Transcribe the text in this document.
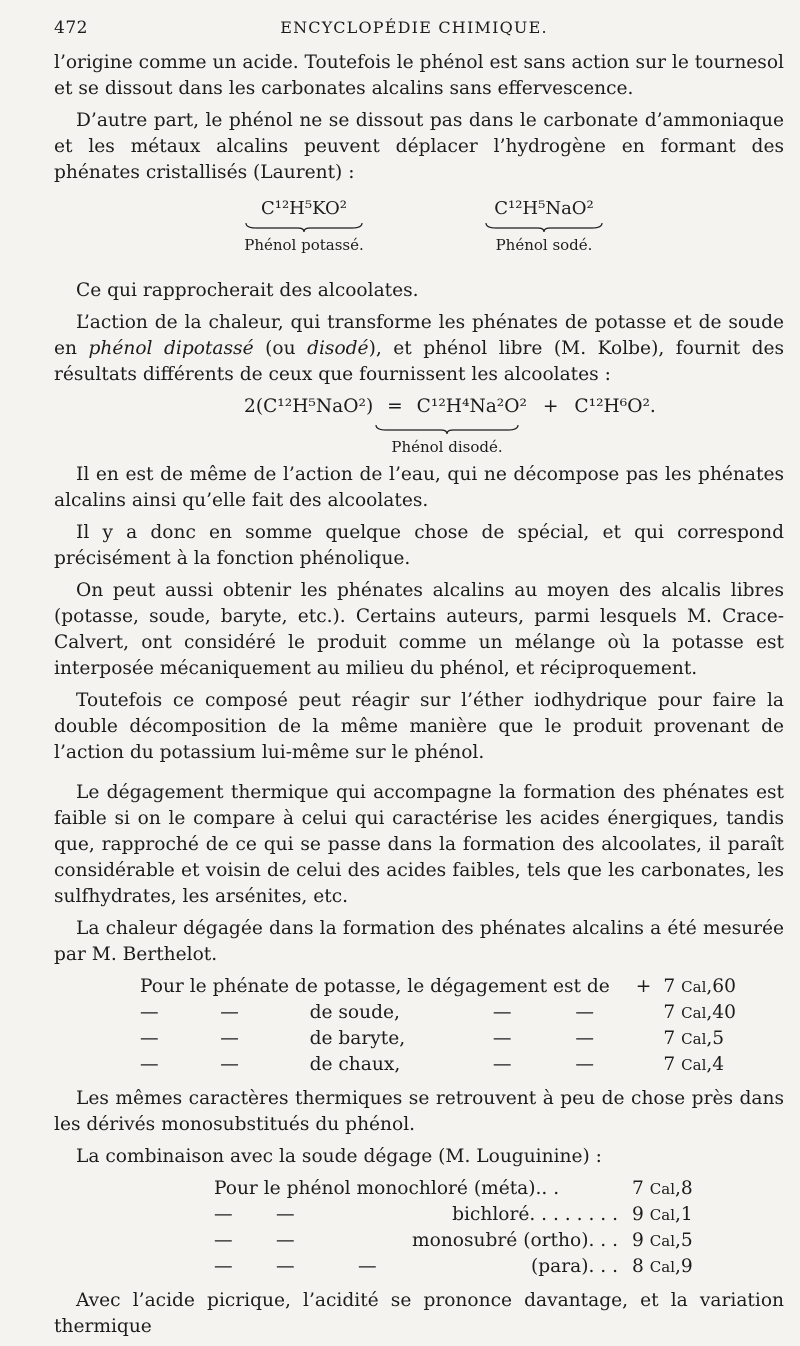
472	ENCYCLOPÉDIE CHIMIQUE.

l’origine comme un acide. Toutefois le phénol est sans action sur le tournesol et se dissout dans les carbonates alcalins sans effervescence.

D’autre part, le phénol ne se dissout pas dans le carbonate d’ammoniaque et les métaux alcalins peuvent déplacer l’hydrogène en formant des phénates cristallisés (Laurent) :

C¹²H⁵KO²
Phénol potassé.
C¹²H⁵NaO²
Phénol sodé.

Ce qui rapprocherait des alcoolates.

L’action de la chaleur, qui transforme les phénates de potasse et de soude en phénol dipotassé (ou disodé), et phénol libre (M. Kolbe), fournit des résultats différents de ceux que fournissent les alcoolates :

2(C¹²H⁵NaO²) = C¹²H⁴Na²O² + C¹²H⁶O².
Phénol disodé.

Il en est de même de l’action de l’eau, qui ne décompose pas les phénates alcalins ainsi qu’elle fait des alcoolates.

Il y a donc en somme quelque chose de spécial, et qui correspond précisément à la fonction phénolique.

On peut aussi obtenir les phénates alcalins au moyen des alcalis libres (potasse, soude, baryte, etc.). Certains auteurs, parmi lesquels M. Crace-Calvert, ont considéré le produit comme un mélange où la potasse est interposée mécaniquement au milieu du phénol, et réciproquement.

Toutefois ce composé peut réagir sur l’éther iodhydrique pour faire la double décomposition de la même manière que le produit provenant de l’action du potassium lui-même sur le phénol.

Le dégagement thermique qui accompagne la formation des phénates est faible si on le compare à celui qui caractérise les acides énergiques, tandis que, rapproché de ce qui se passe dans la formation des alcoolates, il paraît considérable et voisin de celui des acides faibles, tels que les carbonates, les sulfhydrates, les arsénites, etc.

La chaleur dégagée dans la formation des phénates alcalins a été mesurée par M. Berthelot.

Pour le phénate de potasse, le dégagement est de					+	7 Cal,60
—	—	de soude,	—	—		7 Cal,40
—	—	de baryte,	—	—		7 Cal,5
—	—	de chaux,	—	—		7 Cal,4

Les mêmes caractères thermiques se retrouvent à peu de chose près dans les dérivés monosubstitués du phénol.

La combinaison avec la soude dégage (M. Louguinine) :

Pour le phénol monochloré (méta).. .				7 Cal,8
—	—		bichloré. . . . . . . .	9 Cal,1
—	—		monosubré (ortho). . .	9 Cal,5
—	—	—	(para). . .	8 Cal,9

Avec l’acide picrique, l’acidité se prononce davantage, et la variation thermique
